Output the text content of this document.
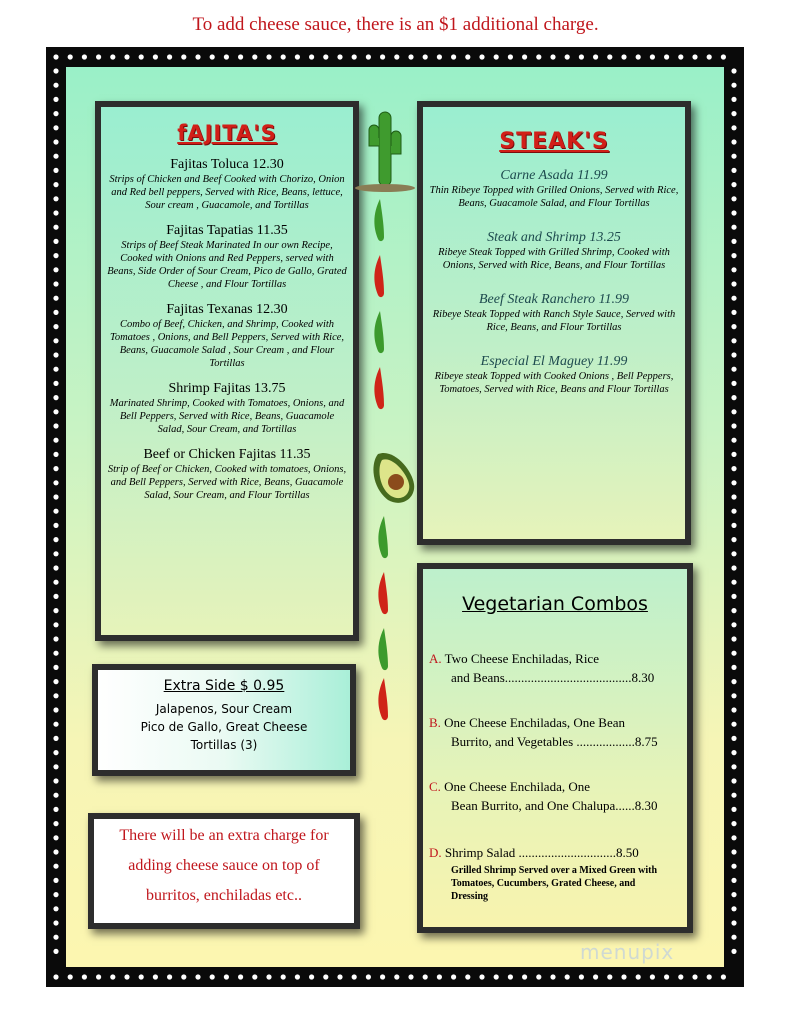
To add cheese sauce, there is an $1 additional charge.
fAJITA'S
Fajitas Toluca 12.30
Strips of Chicken and Beef Cooked with Chorizo, Onion and Red bell peppers, Served with Rice, Beans, lettuce, Sour cream , Guacamole, and Tortillas
Fajitas Tapatias 11.35
Strips of Beef Steak Marinated In our own Recipe, Cooked with Onions and Red Peppers, served with Beans, Side Order of Sour Cream, Pico de Gallo, Grated Cheese , and Flour Tortillas
Fajitas Texanas 12.30
Combo of Beef, Chicken, and Shrimp, Cooked with Tomatoes , Onions, and Bell Peppers, Served with Rice, Beans, Guacamole Salad , Sour Cream , and Flour Tortillas
Shrimp Fajitas 13.75
Marinated Shrimp, Cooked with Tomatoes, Onions, and Bell Peppers, Served with Rice, Beans, Guacamole Salad, Sour Cream, and Tortillas
Beef or Chicken Fajitas 11.35
Strip of Beef or Chicken, Cooked with tomatoes, Onions, and Bell Peppers, Served with Rice, Beans, Guacamole Salad, Sour Cream, and Flour Tortillas
STEAK'S
Carne Asada 11.99
Thin Ribeye Topped with Grilled Onions, Served with Rice, Beans, Guacamole Salad, and Flour Tortillas
Steak and Shrimp 13.25
Ribeye Steak Topped with Grilled Shrimp, Cooked with Onions, Served with Rice, Beans, and Flour Tortillas
Beef Steak Ranchero 11.99
Ribeye Steak Topped with Ranch Style Sauce, Served with Rice, Beans, and Flour Tortillas
Especial El Maguey 11.99
Ribeye steak Topped with Cooked Onions , Bell Peppers, Tomatoes, Served with Rice, Beans and Flour Tortillas
Extra Side $ 0.95
Jalapenos, Sour Cream
Pico de Gallo, Great Cheese
Tortillas (3)
There will be an extra charge for
adding cheese sauce on top of
burritos, enchiladas etc..
Vegetarian Combos
A. Two Cheese Enchiladas, Rice
and Beans.......................................8.30
B. One Cheese Enchiladas, One Bean
Burrito, and Vegetables ..................8.75
C. One Cheese Enchilada, One
Bean Burrito, and One Chalupa......8.30
D. Shrimp Salad ..............................8.50
Grilled Shrimp Served over a Mixed Green with Tomatoes, Cucumbers, Grated Cheese, and Dressing
menupix
